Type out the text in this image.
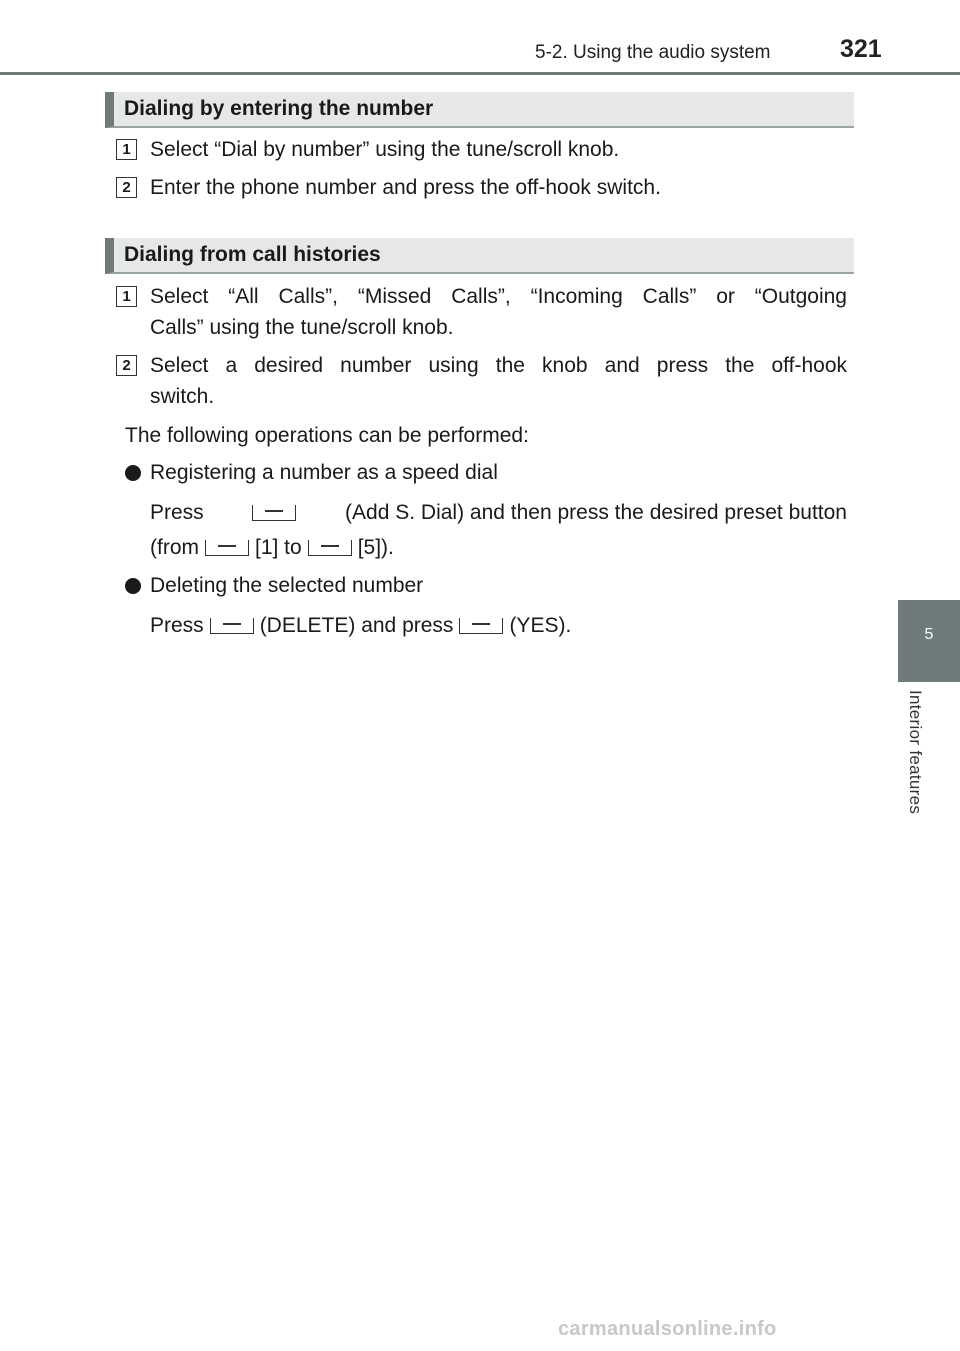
5-2. Using the audio system	321
5
Interior features
Dialing by entering the number
1 Select “Dial by number” using the tune/scroll knob.
2 Enter the phone number and press the off-hook switch.
Dialing from call histories
1 Select “All Calls”, “Missed Calls”, “Incoming Calls” or “Outgoing
Calls” using the tune/scroll knob.
2 Select a desired number using the knob and press the off-hook
switch.
The following operations can be performed:
Registering a number as a speed dial
Press	(Add S. Dial) and then press the desired preset button
(from	[1] to	[5]).
Deleting the selected number
Press	(DELETE) and press	(YES).
carmanualsonline.info
